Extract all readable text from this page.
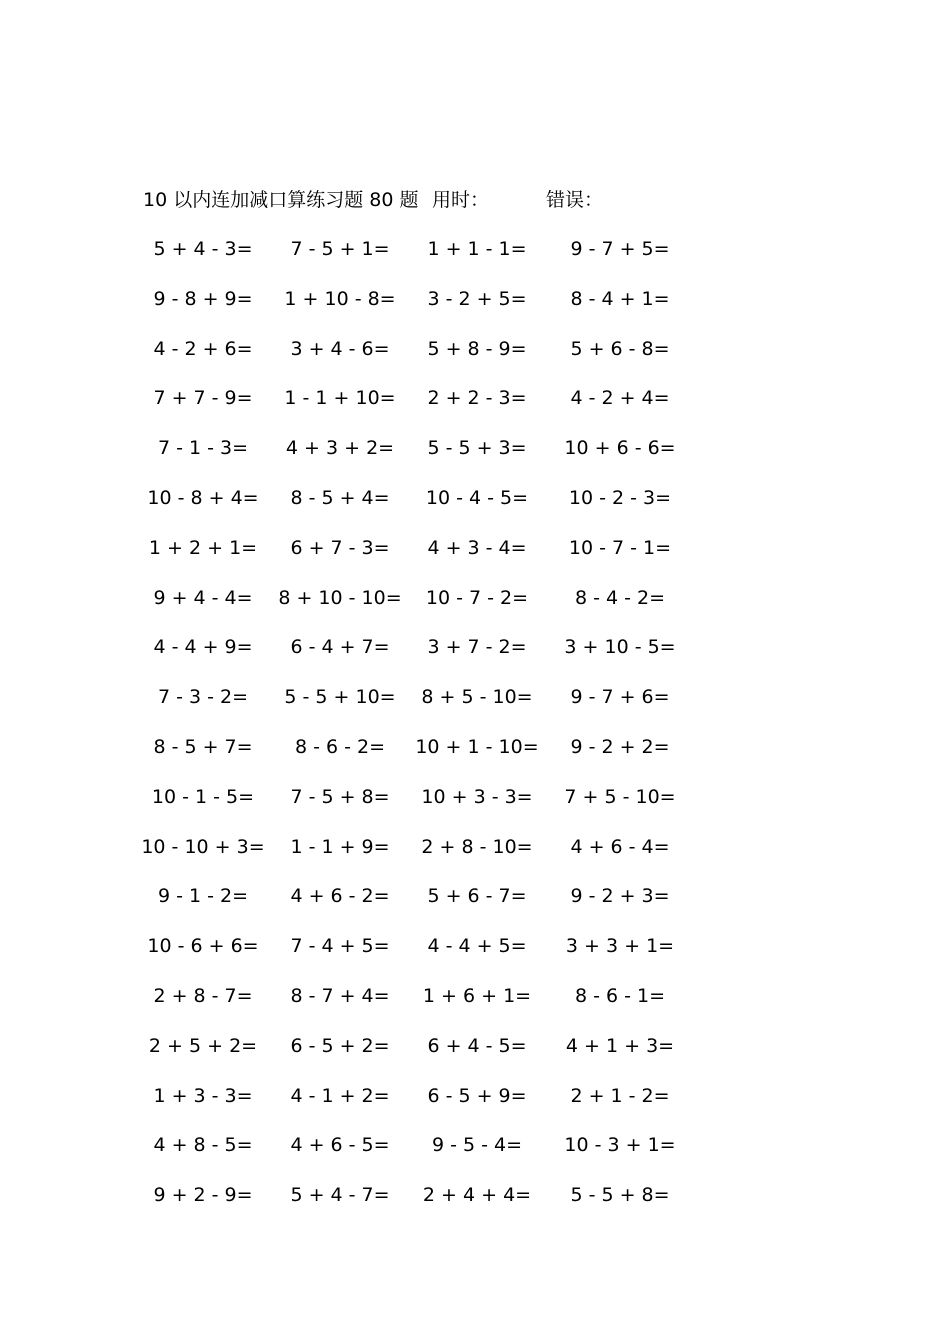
10 以内连加减口算练习题 80 题 用时：	错误：
5 + 4 - 3=	7 - 5 + 1=	1 + 1 - 1=	9 - 7 + 5=
9 - 8 + 9=	1 + 10 - 8=	3 - 2 + 5=	8 - 4 + 1=
4 - 2 + 6=	3 + 4 - 6=	5 + 8 - 9=	5 + 6 - 8=
7 + 7 - 9=	1 - 1 + 10=	2 + 2 - 3=	4 - 2 + 4=
7 - 1 - 3=	4 + 3 + 2=	5 - 5 + 3=	10 + 6 - 6=
10 - 8 + 4=	8 - 5 + 4=	10 - 4 - 5=	10 - 2 - 3=
1 + 2 + 1=	6 + 7 - 3=	4 + 3 - 4=	10 - 7 - 1=
9 + 4 - 4=	8 + 10 - 10=	10 - 7 - 2=	8 - 4 - 2=
4 - 4 + 9=	6 - 4 + 7=	3 + 7 - 2=	3 + 10 - 5=
7 - 3 - 2=	5 - 5 + 10=	8 + 5 - 10=	9 - 7 + 6=
8 - 5 + 7=	8 - 6 - 2=	10 + 1 - 10=	9 - 2 + 2=
10 - 1 - 5=	7 - 5 + 8=	10 + 3 - 3=	7 + 5 - 10=
10 - 10 + 3=	1 - 1 + 9=	2 + 8 - 10=	4 + 6 - 4=
9 - 1 - 2=	4 + 6 - 2=	5 + 6 - 7=	9 - 2 + 3=
10 - 6 + 6=	7 - 4 + 5=	4 - 4 + 5=	3 + 3 + 1=
2 + 8 - 7=	8 - 7 + 4=	1 + 6 + 1=	8 - 6 - 1=
2 + 5 + 2=	6 - 5 + 2=	6 + 4 - 5=	4 + 1 + 3=
1 + 3 - 3=	4 - 1 + 2=	6 - 5 + 9=	2 + 1 - 2=
4 + 8 - 5=	4 + 6 - 5=	9 - 5 - 4=	10 - 3 + 1=
9 + 2 - 9=	5 + 4 - 7=	2 + 4 + 4=	5 - 5 + 8=
